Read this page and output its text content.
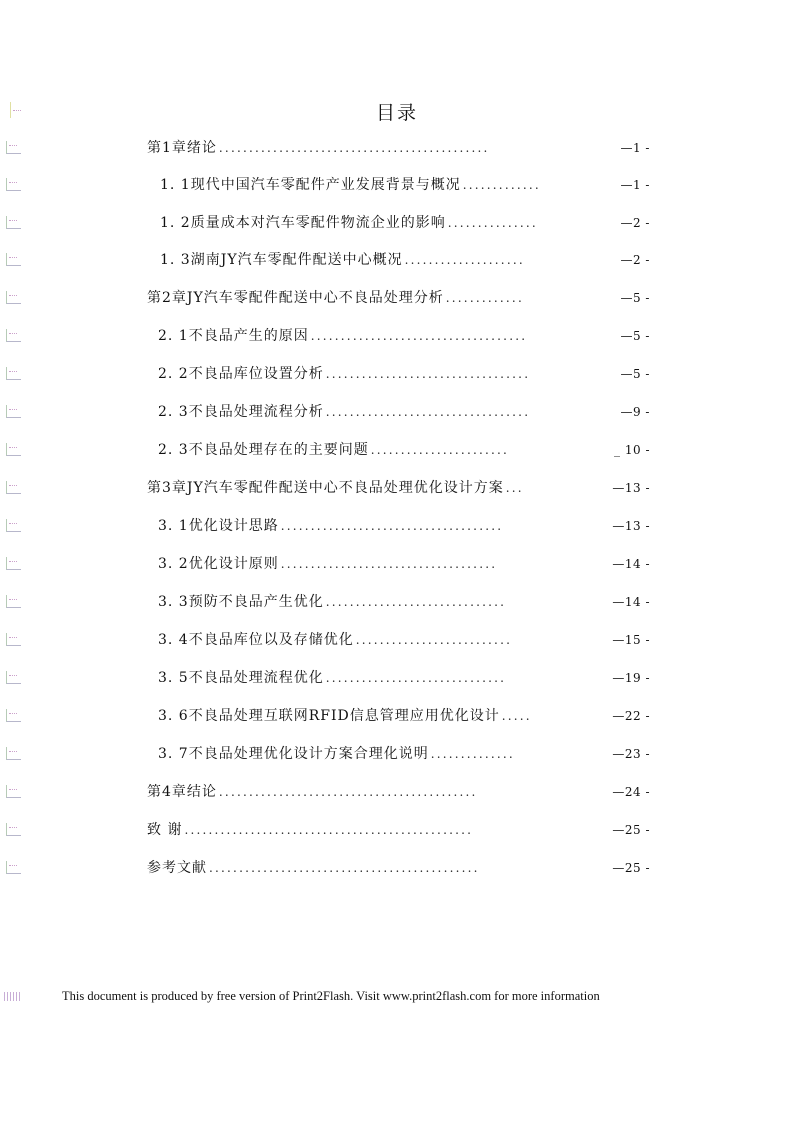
目录
第1章绪论 .............................................	—1 -
1. 1现代中国汽车零配件产业发展背景与概况 .............	—1 -
1. 2质量成本对汽车零配件物流企业的影响 ...............	—2 -
1. 3湖南JY汽车零配件配送中心概况 ....................	—2 -
第2章JY汽车零配件配送中心不良品处理分析 .............	—5 -
2. 1不良品产生的原因 ....................................	—5 -
2. 2不良品库位设置分析 ..................................	—5 -
2. 3不良品处理流程分析 ..................................	—9 -
2. 3不良品处理存在的主要问题 .......................	_ 10 -
第3章JY汽车零配件配送中心不良品处理优化设计方案 ...	—13 -
3. 1优化设计思路 .....................................	—13 -
3. 2优化设计原则 ....................................	—14 -
3. 3预防不良品产生优化 ..............................	—14 -
3. 4不良品库位以及存储优化 ..........................	—15 -
3. 5不良品处理流程优化 ..............................	—19 -
3. 6不良品处理互联网RFID信息管理应用优化设计 .....	—22 -
3. 7不良品处理优化设计方案合理化说明 ..............	—23 -
第4章结论 ...........................................	—24 -
致 谢 ................................................	—25 -
参考文献 .............................................	—25 -
This document is produced by free version of Print2Flash. Visit www.print2flash.com for more information
